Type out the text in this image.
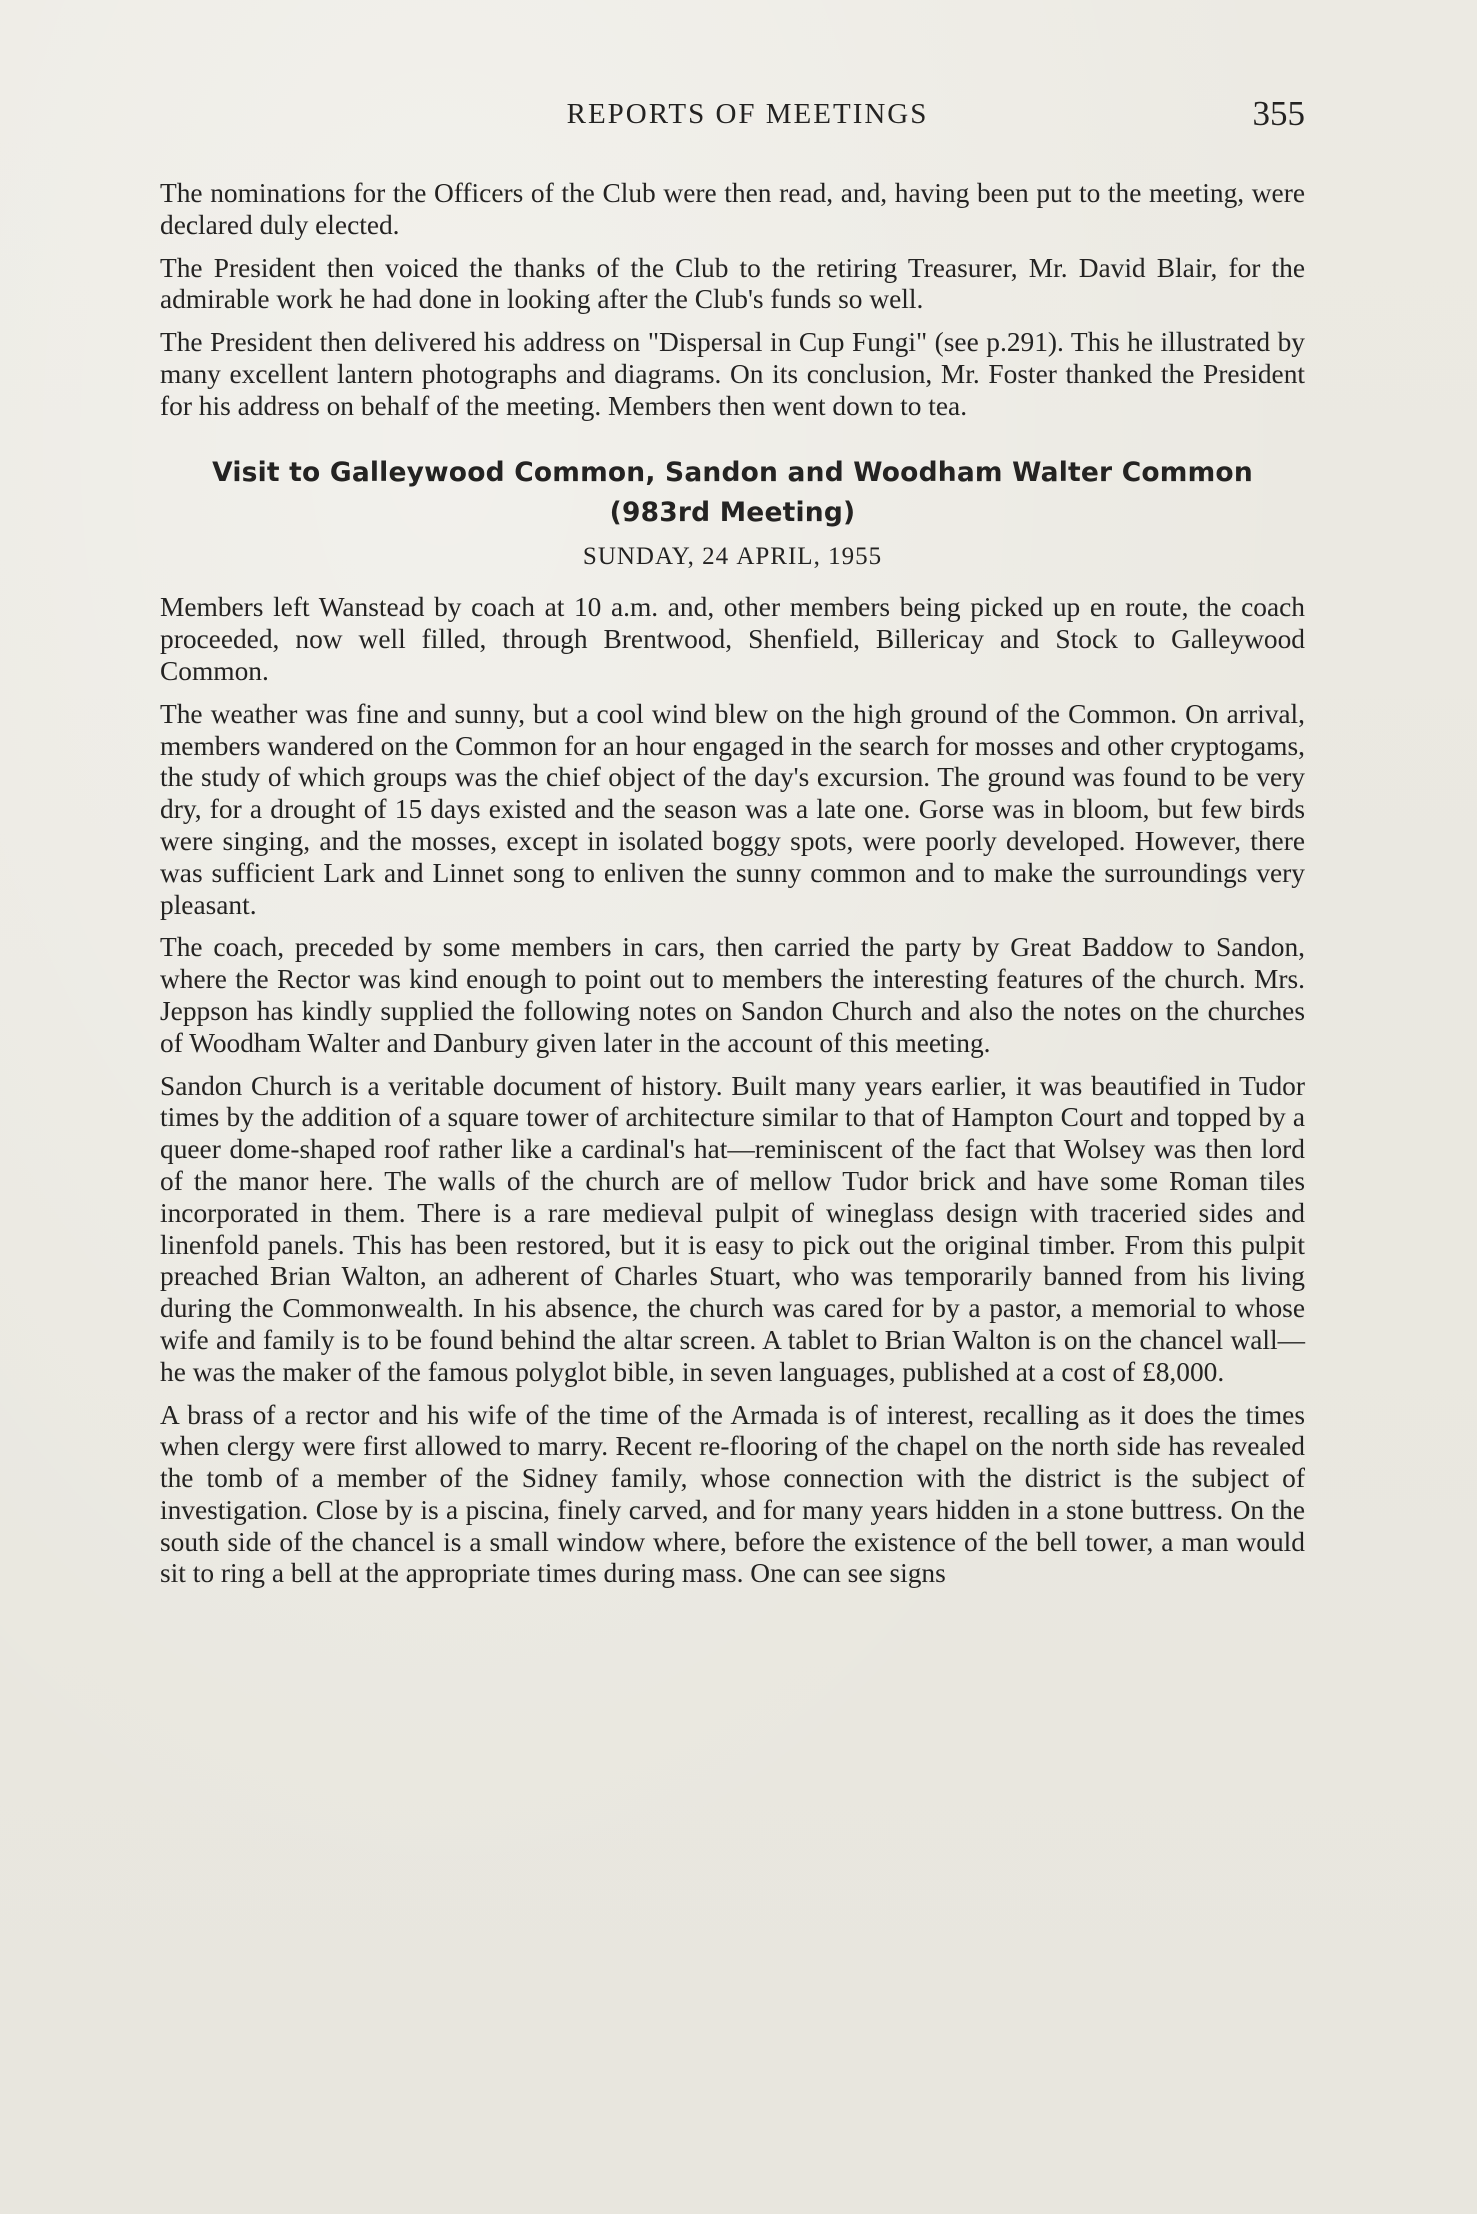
REPORTS OF MEETINGS	355

The nominations for the Officers of the Club were then read, and, having been put to the meeting, were declared duly elected.

The President then voiced the thanks of the Club to the retiring Treasurer, Mr. David Blair, for the admirable work he had done in looking after the Club's funds so well.

The President then delivered his address on "Dispersal in Cup Fungi" (see p.291). This he illustrated by many excellent lantern photographs and diagrams. On its conclusion, Mr. Foster thanked the President for his address on behalf of the meeting. Members then went down to tea.

Visit to Galleywood Common, Sandon and Woodham Walter Common
(983rd Meeting)
SUNDAY, 24 APRIL, 1955

Members left Wanstead by coach at 10 a.m. and, other members being picked up en route, the coach proceeded, now well filled, through Brentwood, Shenfield, Billericay and Stock to Galleywood Common.

The weather was fine and sunny, but a cool wind blew on the high ground of the Common. On arrival, members wandered on the Common for an hour engaged in the search for mosses and other cryptogams, the study of which groups was the chief object of the day's excursion. The ground was found to be very dry, for a drought of 15 days existed and the season was a late one. Gorse was in bloom, but few birds were singing, and the mosses, except in isolated boggy spots, were poorly developed. However, there was sufficient Lark and Linnet song to enliven the sunny common and to make the surroundings very pleasant.

The coach, preceded by some members in cars, then carried the party by Great Baddow to Sandon, where the Rector was kind enough to point out to members the interesting features of the church. Mrs. Jeppson has kindly supplied the following notes on Sandon Church and also the notes on the churches of Woodham Walter and Danbury given later in the account of this meeting.

Sandon Church is a veritable document of history. Built many years earlier, it was beautified in Tudor times by the addition of a square tower of architecture similar to that of Hampton Court and topped by a queer dome-shaped roof rather like a cardinal's hat—reminiscent of the fact that Wolsey was then lord of the manor here. The walls of the church are of mellow Tudor brick and have some Roman tiles incorporated in them. There is a rare medieval pulpit of wineglass design with traceried sides and linenfold panels. This has been restored, but it is easy to pick out the original timber. From this pulpit preached Brian Walton, an adherent of Charles Stuart, who was temporarily banned from his living during the Commonwealth. In his absence, the church was cared for by a pastor, a memorial to whose wife and family is to be found behind the altar screen. A tablet to Brian Walton is on the chancel wall—he was the maker of the famous polyglot bible, in seven languages, published at a cost of £8,000.

A brass of a rector and his wife of the time of the Armada is of interest, recalling as it does the times when clergy were first allowed to marry. Recent re-flooring of the chapel on the north side has revealed the tomb of a member of the Sidney family, whose connection with the district is the subject of investigation. Close by is a piscina, finely carved, and for many years hidden in a stone buttress. On the south side of the chancel is a small window where, before the existence of the bell tower, a man would sit to ring a bell at the appropriate times during mass. One can see signs
